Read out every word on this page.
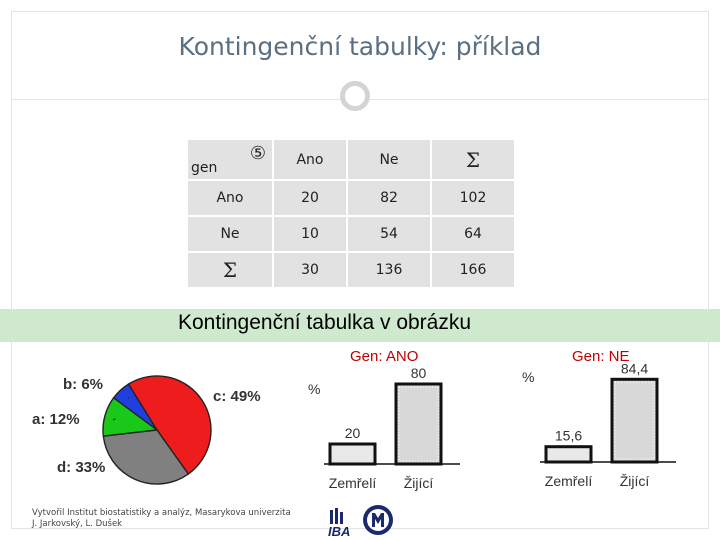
Kontingenční tabulky: příklad
gen
⑤	Ano	Ne	Σ
Ano	20	82	102
Ne	10	54	64
Σ	30	136	166
Kontingenční tabulka v obrázku
b: 6%
c: 49%
a: 12%
d: 33%
Gen: ANO
%
20
Zemřelí
80
Žijící
Gen: NE
%
15,6
Zemřelí
84,4
Žijící
Vytvořil Institut biostatistiky a analýz, Masarykova univerzita
J. Jarkovský, L. Dušek	IBA
